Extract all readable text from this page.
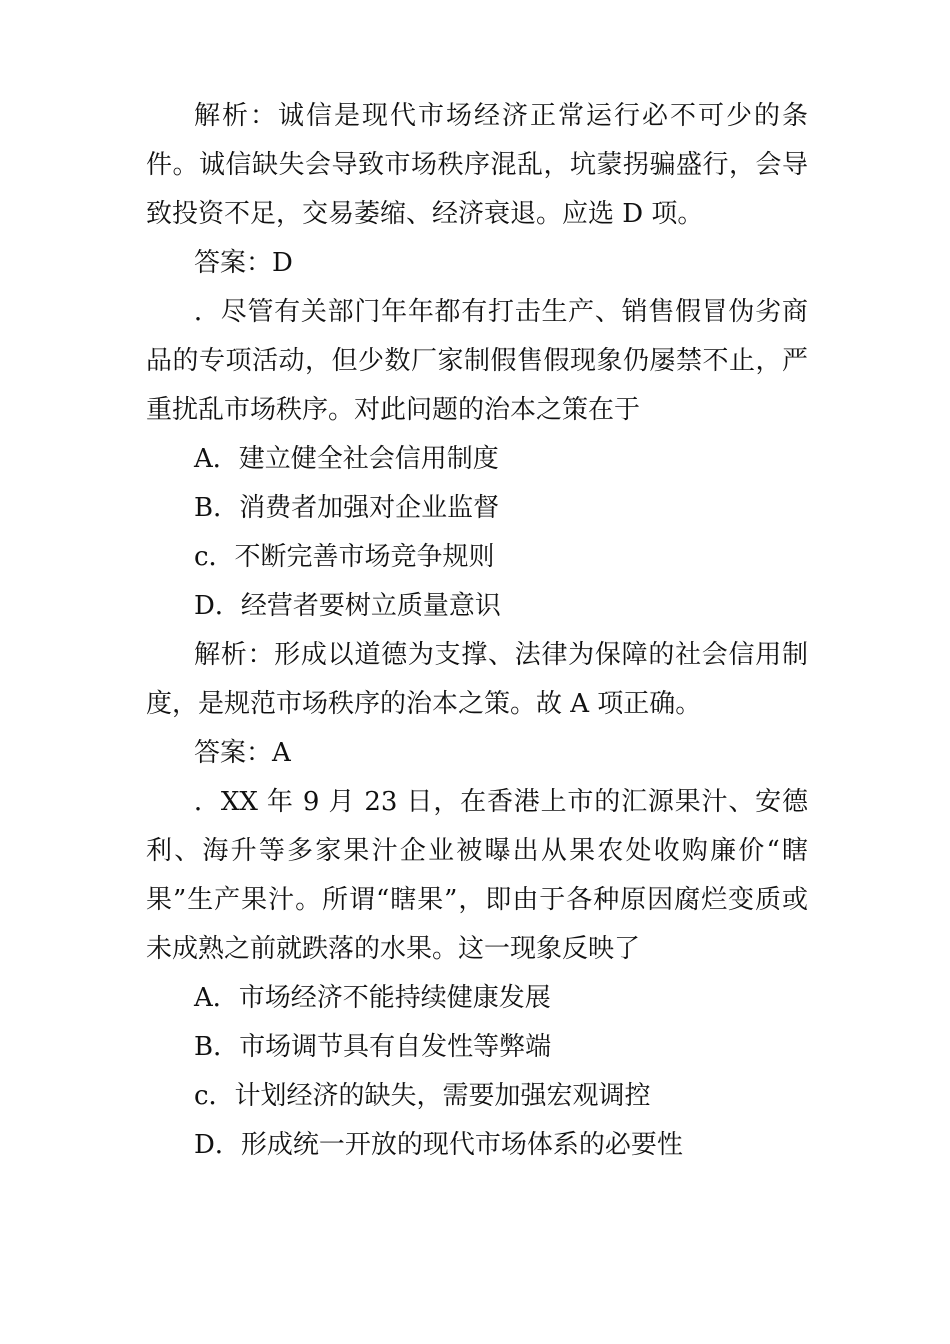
解析：诚信是现代市场经济正常运行必不可少的条件。诚信缺失会导致市场秩序混乱，坑蒙拐骗盛行，会导致投资不足，交易萎缩、经济衰退。应选 D 项。

答案：D

．尽管有关部门年年都有打击生产、销售假冒伪劣商品的专项活动，但少数厂家制假售假现象仍屡禁不止，严重扰乱市场秩序。对此问题的治本之策在于

A．建立健全社会信用制度

B．消费者加强对企业监督

c．不断完善市场竞争规则

D．经营者要树立质量意识

解析：形成以道德为支撑、法律为保障的社会信用制度，是规范市场秩序的治本之策。故 A 项正确。

答案：A

．XX 年 9 月 23 日，在香港上市的汇源果汁、安德利、海升等多家果汁企业被曝出从果农处收购廉价“瞎果”生产果汁。所谓“瞎果”，即由于各种原因腐烂变质或未成熟之前就跌落的水果。这一现象反映了

A．市场经济不能持续健康发展

B．市场调节具有自发性等弊端

c．计划经济的缺失，需要加强宏观调控

D．形成统一开放的现代市场体系的必要性
